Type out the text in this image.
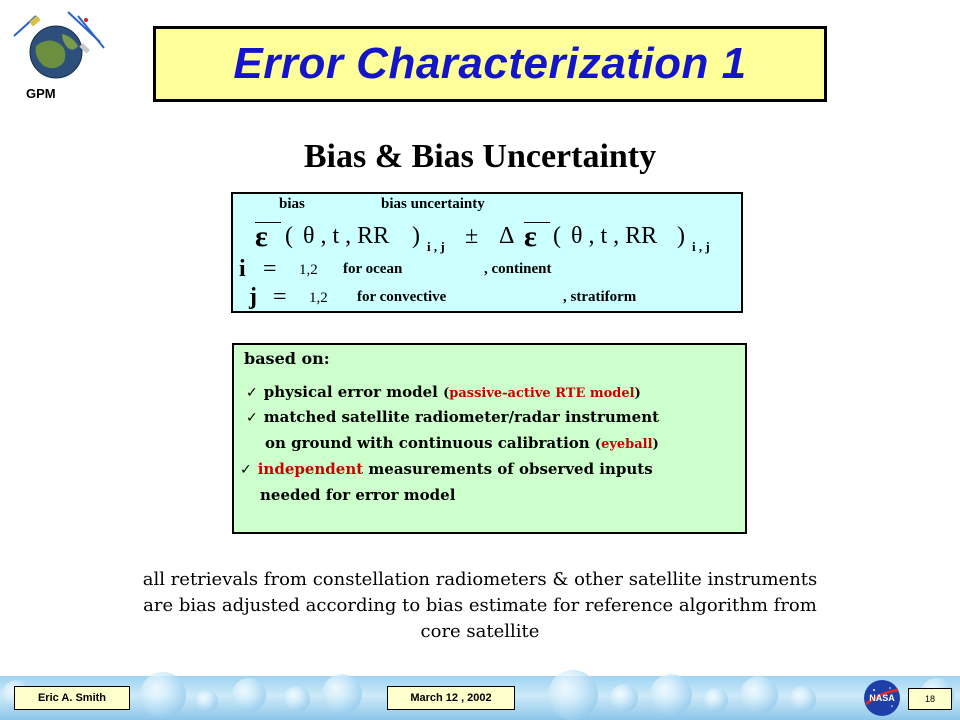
GPM
Error Characterization 1
Bias & Bias Uncertainty
bias	bias uncertainty
ε ( θ , t , RR ) i , j ± Δ ε ( θ , t , RR ) i , j
i = 1,2 for ocean	, continent
j = 1,2 for convective	, stratiform
based on:
✓ physical error model (passive-active RTE model)
✓ matched satellite radiometer/radar instrument
on ground with continuous calibration (eyeball)
✓ independent measurements of observed inputs
needed for error model
all retrievals from constellation radiometers & other satellite instruments
are bias adjusted according to bias estimate for reference algorithm from
core satellite
Eric A. Smith	March 12 , 2002	NASA	18
